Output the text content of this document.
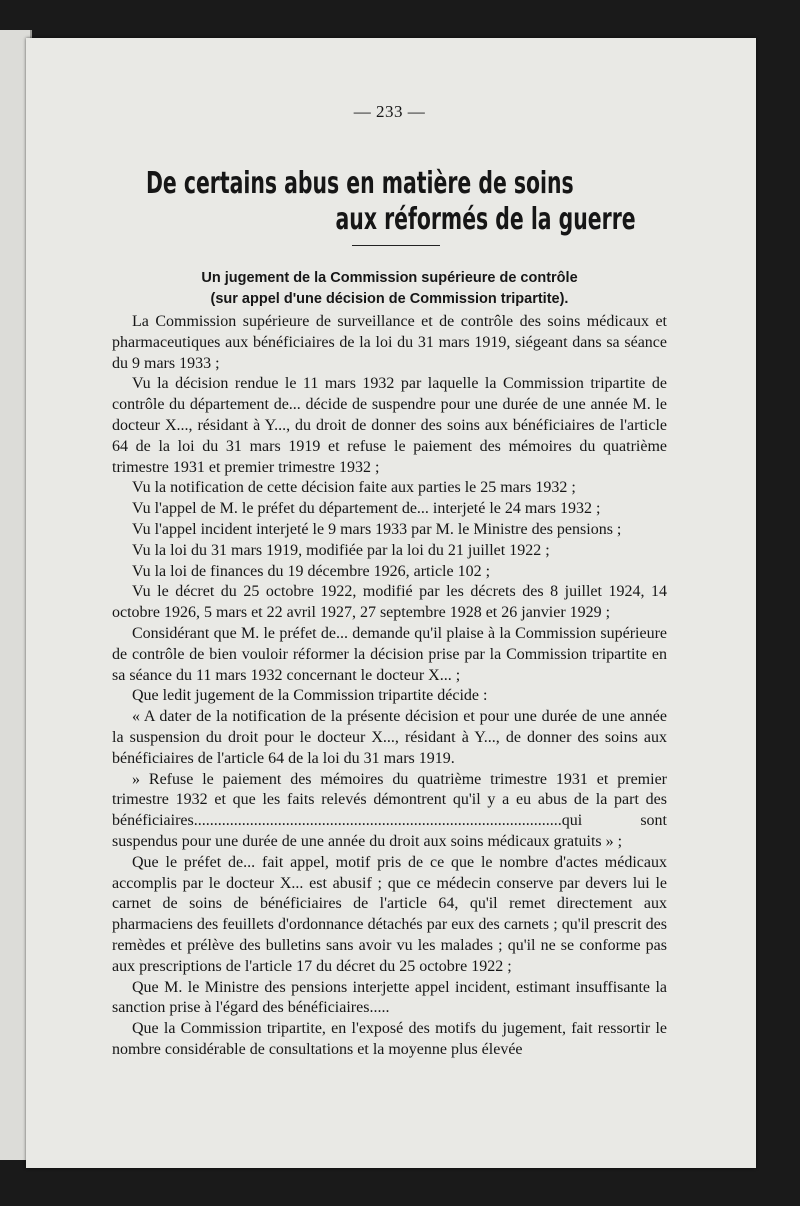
— 233 —
De certains abus en matière de soins
aux réformés de la guerre
Un jugement de la Commission supérieure de contrôle
(sur appel d'une décision de Commission tripartite).

La Commission supérieure de surveillance et de contrôle des soins médicaux et pharmaceutiques aux bénéficiaires de la loi du 31 mars 1919, siégeant dans sa séance du 9 mars 1933 ;

Vu la décision rendue le 11 mars 1932 par laquelle la Commission tripartite de contrôle du département de... décide de suspendre pour une durée de une année M. le docteur X..., résidant à Y..., du droit de donner des soins aux bénéficiaires de l'article 64 de la loi du 31 mars 1919 et refuse le paiement des mémoires du quatrième trimestre 1931 et premier trimestre 1932 ;

Vu la notification de cette décision faite aux parties le 25 mars 1932 ;

Vu l'appel de M. le préfet du département de... interjeté le 24 mars 1932 ;

Vu l'appel incident interjeté le 9 mars 1933 par M. le Ministre des pensions ;

Vu la loi du 31 mars 1919, modifiée par la loi du 21 juillet 1922 ;

Vu la loi de finances du 19 décembre 1926, article 102 ;

Vu le décret du 25 octobre 1922, modifié par les décrets des 8 juillet 1924, 14 octobre 1926, 5 mars et 22 avril 1927, 27 septembre 1928 et 26 janvier 1929 ;

Considérant que M. le préfet de... demande qu'il plaise à la Commission supérieure de contrôle de bien vouloir réformer la décision prise par la Commission tripartite en sa séance du 11 mars 1932 concernant le docteur X... ;

Que ledit jugement de la Commission tripartite décide :

« A dater de la notification de la présente décision et pour une durée de une année la suspension du droit pour le docteur X..., résidant à Y..., de donner des soins aux bénéficiaires de l'article 64 de la loi du 31 mars 1919.

» Refuse le paiement des mémoires du quatrième trimestre 1931 et premier trimestre 1932 et que les faits relevés démontrent qu'il y a eu abus de la part des bénéficiaires............................................................................................qui sont suspendus pour une durée de une année du droit aux soins médicaux gratuits » ;

Que le préfet de... fait appel, motif pris de ce que le nombre d'actes médicaux accomplis par le docteur X... est abusif ; que ce médecin conserve par devers lui le carnet de soins de bénéficiaires de l'article 64, qu'il remet directement aux pharmaciens des feuillets d'ordonnance détachés par eux des carnets ; qu'il prescrit des remèdes et prélève des bulletins sans avoir vu les malades ; qu'il ne se conforme pas aux prescriptions de l'article 17 du décret du 25 octobre 1922 ;

Que M. le Ministre des pensions interjette appel incident, estimant insuffisante la sanction prise à l'égard des bénéficiaires.....

Que la Commission tripartite, en l'exposé des motifs du jugement, fait ressortir le nombre considérable de consultations et la moyenne plus élevée
